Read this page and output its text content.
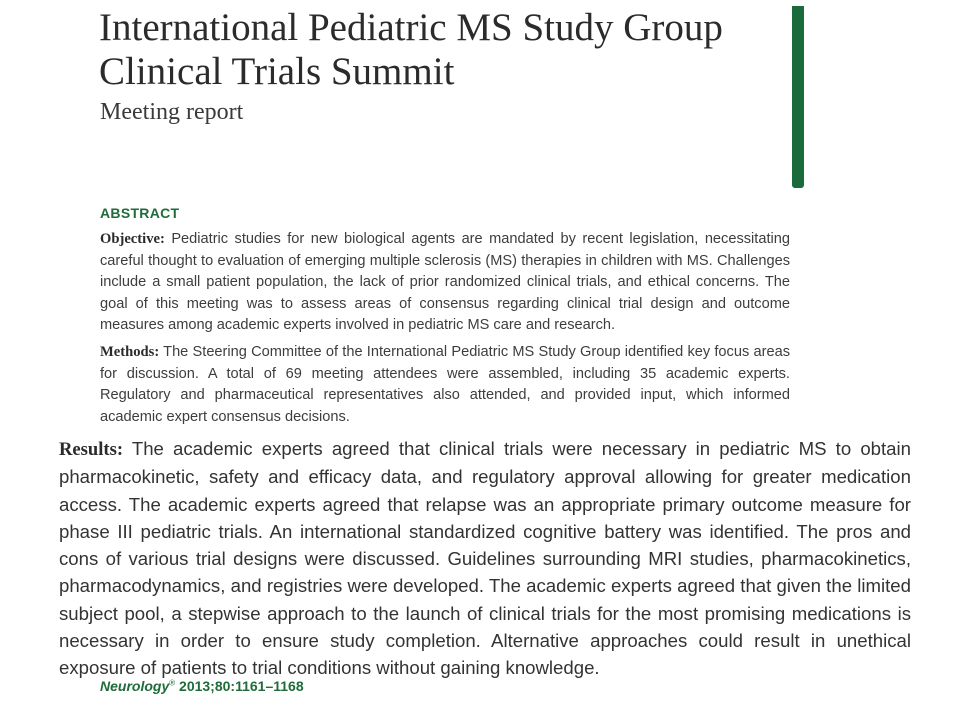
International Pediatric MS Study Group Clinical Trials Summit
Meeting report
ABSTRACT

Objective: Pediatric studies for new biological agents are mandated by recent legislation, necessitating careful thought to evaluation of emerging multiple sclerosis (MS) therapies in children with MS. Challenges include a small patient population, the lack of prior randomized clinical trials, and ethical concerns. The goal of this meeting was to assess areas of consensus regarding clinical trial design and outcome measures among academic experts involved in pediatric MS care and research.

Methods: The Steering Committee of the International Pediatric MS Study Group identified key focus areas for discussion. A total of 69 meeting attendees were assembled, including 35 academic experts. Regulatory and pharmaceutical representatives also attended, and provided input, which informed academic expert consensus decisions.

Results: The academic experts agreed that clinical trials were necessary in pediatric MS to obtain pharmacokinetic, safety and efficacy data, and regulatory approval allowing for greater medication access. The academic experts agreed that relapse was an appropriate primary outcome measure for phase III pediatric trials. An international standardized cognitive battery was identified. The pros and cons of various trial designs were discussed. Guidelines surrounding MRI studies, pharmacokinetics, pharmacodynamics, and registries were developed. The academic experts agreed that given the limited subject pool, a stepwise approach to the launch of clinical trials for the most promising medications is necessary in order to ensure study completion. Alternative approaches could result in unethical exposure of patients to trial conditions without gaining knowledge.

Neurology® 2013;80:1161–1168
